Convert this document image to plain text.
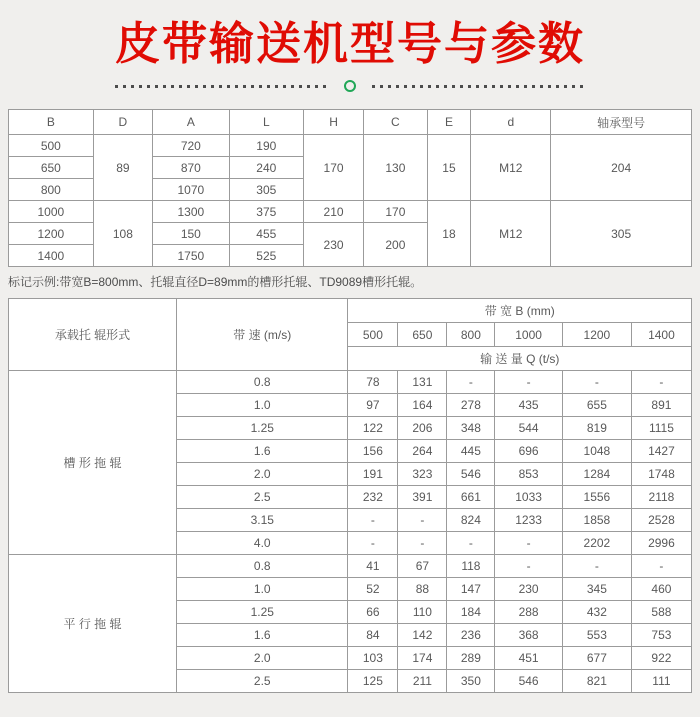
皮带输送机型号与参数
B	D	A	L	H	C	E	d	轴承型号
500	89	720	190	170	130	15	M12	204
650		870	240					
800		1070	305					
1000	108	1300	375	210	170	18	M12	305
1200		150	455	230	200			
1400		1750	525					

标记示例:带宽B=800mm、托辊直径D=89mm的槽形托辊、TD9089槽形托辊。

承载托 辊形式	带 速 (m/s)	带 宽 B (mm)					
		500	650	800	1000	1200	1400
		输 送 量 Q (t/s)					
槽 形 拖 辊	0.8	78	131	-	-	-	-
	1.0	97	164	278	435	655	891
	1.25	122	206	348	544	819	1115
	1.6	156	264	445	696	1048	1427
	2.0	191	323	546	853	1284	1748
	2.5	232	391	661	1033	1556	2118
	3.15	-	-	824	1233	1858	2528
	4.0	-	-	-	-	2202	2996
平 行 拖 辊	0.8	41	67	118	-	-	-
	1.0	52	88	147	230	345	460
	1.25	66	110	184	288	432	588
	1.6	84	142	236	368	553	753
	2.0	103	174	289	451	677	922
	2.5	125	211	350	546	821	111
